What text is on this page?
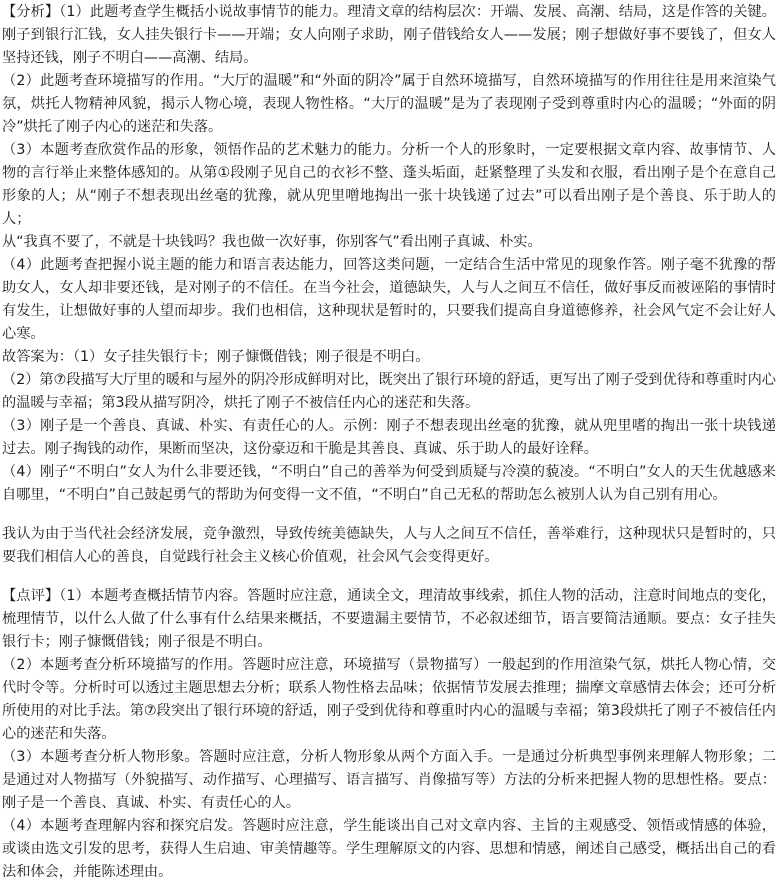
【分析】（1）此题考查学生概括小说故事情节的能力。理清文章的结构层次：开端、发展、高潮、结局，这是作答的关键。刚子到银行汇钱，女人挂失银行卡——开端；女人向刚子求助，刚子借钱给女人——发展；刚子想做好事不要钱了，但女人坚持还钱，刚子不明白——高潮、结局。

（2）此题考查环境描写的作用。“大厅的温暖”和“外面的阴冷”属于自然环境描写，自然环境描写的作用往往是用来渲染气氛，烘托人物精神风貌，揭示人物心境，表现人物性格。“大厅的温暖”是为了表现刚子受到尊重时内心的温暖；“外面的阴冷”烘托了刚子内心的迷茫和失落。

（3）本题考查欣赏作品的形象，领悟作品的艺术魅力的能力。分析一个人的形象时，一定要根据文章内容、故事情节、人物的言行举止来整体感知的。从第①段刚子见自己的衣衫不整、蓬头垢面，赶紧整理了头发和衣服，看出刚子是个在意自己形象的人；从“刚子不想表现出丝毫的犹豫，就从兜里噌地掏出一张十块钱递了过去”可以看出刚子是个善良、乐于助人的人；

从“我真不要了，不就是十块钱吗？我也做一次好事，你别客气”看出刚子真诚、朴实。

（4）此题考查把握小说主题的能力和语言表达能力，回答这类问题，一定结合生活中常见的现象作答。刚子毫不犹豫的帮助女人，女人却非要还钱，是对刚子的不信任。在当今社会，道德缺失，人与人之间互不信任，做好事反而被诬陷的事情时有发生，让想做好事的人望而却步。我们也相信，这种现状是暂时的，只要我们提高自身道德修养，社会风气定不会让好人心寒。

故答案为：（1）女子挂失银行卡；刚子慷慨借钱；刚子很是不明白。

（2）第⑦段描写大厅里的暖和与屋外的阴冷形成鲜明对比，既突出了银行环境的舒适，更写出了刚子受到优待和尊重时内心的温暖与幸福；第3段从描写阴冷，烘托了刚子不被信任内心的迷茫和失落。

（3）刚子是一个善良、真诚、朴实、有责任心的人。示例：刚子不想表现出丝毫的犹豫，就从兜里嗜的掏出一张十块钱递过去。刚子掏钱的动作，果断而坚决，这份豪迈和干脆是其善良、真诚、乐于助人的最好诠释。

（4）刚子“不明白”女人为什么非要还钱，“不明白”自己的善举为何受到质疑与冷漠的藐凌。“不明白”女人的天生优越感来自哪里，“不明白”自己鼓起勇气的帮助为何变得一文不值，“不明白”自己无私的帮助怎么被别人认为自己别有用心。

我认为由于当代社会经济发展，竞争激烈，导致传统美德缺失，人与人之间互不信任，善举难行，这种现状只是暂时的，只要我们相信人心的善良，自觉践行社会主义核心价值观，社会风气会变得更好。

【点评】（1）本题考查概括情节内容。答题时应注意，通读全文，理清故事线索，抓住人物的活动，注意时间地点的变化，梳理情节，以什么人做了什么事有什么结果来概括，不要遗漏主要情节，不必叙述细节，语言要简洁通顺。要点：女子挂失银行卡；刚子慷慨借钱；刚子很是不明白。

（2）本题考查分析环境描写的作用。答题时应注意，环境描写（景物描写）一般起到的作用渲染气氛，烘托人物心情，交代时令等。分析时可以透过主题思想去分析；联系人物性格去品味；依据情节发展去推理；揣摩文章感情去体会；还可分析所使用的对比手法。第⑦段突出了银行环境的舒适，刚子受到优待和尊重时内心的温暖与幸福；第3段烘托了刚子不被信任内心的迷茫和失落。

（3）本题考查分析人物形象。答题时应注意，分析人物形象从两个方面入手。一是通过分析典型事例来理解人物形象；二是通过对人物描写（外貌描写、动作描写、心理描写、语言描写、肖像描写等）方法的分析来把握人物的思想性格。要点：刚子是一个善良、真诚、朴实、有责任心的人。

（4）本题考查理解内容和探究启发。答题时应注意，学生能谈出自己对文章内容、主旨的主观感受、领悟或情感的体验，或谈由选文引发的思考，获得人生启迪、审美情趣等。学生理解原文的内容、思想和情感，阐述自己感受，概括出自己的看法和体会，并能陈述理由。
